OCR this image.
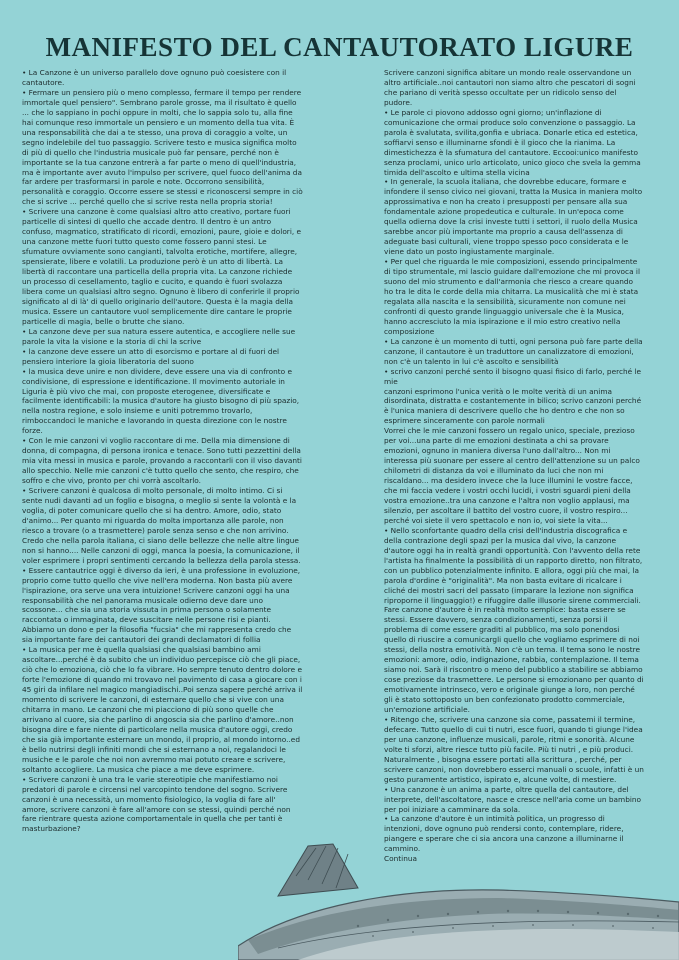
MANIFESTO DEL CANTAUTORATO LIGURE

• La Canzone è un universo parallelo dove ognuno può coesistere con il cantautore.

• Fermare un pensiero più o meno complesso, fermare il tempo per rendere immortale quel pensiero". Sembrano parole grosse, ma il risultato è quello ... che lo sappiano in pochi oppure in molti, che lo sappia solo tu, alla fine hai comunque reso immortale un pensiero e un momento della tua vita. È una responsabilità che dai a te stesso, una prova di coraggio a volte, un segno indelebile del tuo passaggio. Scrivere testo e musica significa molto di più di quello che l'industria musicale può far pensare, perché non è importante se la tua canzone entrerà a far parte o meno di quell'industria, ma è importante aver avuto l'impulso per scrivere, quel fuoco dell'anima da far ardere per trasformarsi in parole e note. Occorrono sensibilità, personalità e coraggio. Occorre essere se stessi e riconoscersi sempre in ciò che si scrive ... perché quello che si scrive resta nella propria storia!

• Scrivere una canzone è come qualsiasi altro atto creativo, portare fuori particelle di sintesi di quello che accade dentro. Il dentro è un antro confuso, magmatico, stratificato di ricordi, emozioni, paure, gioie e dolori, e una canzone mette fuori tutto questo come fossero panni stesi. Le sfumature ovviamente sono cangianti, talvolta erotiche, mortifere, allegre, spensierate, libere e volatili. La produzione però è un atto di libertà. La libertà di raccontare una particella della propria vita. La canzone richiede un processo di cesellamento, taglio e cucito, e quando è fuori svolazza libera come un qualsiasi altro segno. Ognuno è libero di conferirle il proprio significato al di là' di quello originario dell'autore. Questa è la magia della musica. Essere un cantautore vuol semplicemente dire cantare le proprie particelle di magia, belle o brutte che siano.

• La canzone deve per sua natura essere autentica, e accogliere nelle sue parole la vita la visione e la storia di chi la scrive

• la canzone deve essere un atto di esorcismo e portare al di fuori del pensiero interiore la gioia liberatoria del suono

• la musica deve unire e non dividere, deve essere una via di confronto e condivisione, di espressione e identificazione. Il movimento autoriale in Liguria è più vivo che mai, con proposte eterogenee, diversificate e facilmente identificabili: la musica d'autore ha giusto bisogno di più spazio, nella nostra regione, e solo insieme e uniti potremmo trovarlo, rimboccandoci le maniche e lavorando in questa direzione con le nostre forze.

• Con le mie canzoni vi voglio raccontare di me. Della mia dimensione di donna, di compagna, di persona ironica e tenace. Sono tutti pezzettini della mia vita messi in musica e parole, provando a raccontarli con il viso davanti allo specchio. Nelle mie canzoni c'è tutto quello che sento, che respiro, che soffro e che vivo, pronto per chi vorrà ascoltarlo.

• Scrivere canzoni è qualcosa di molto personale, di molto intimo. Ci si sente nudi davanti ad un foglio e bisogna, o meglio si sente la volontà e la voglia, di poter comunicare quello che si ha dentro. Amore, odio, stato d'animo... Per quanto mi riguarda do molta importanza alle parole, non riesco a trovare (o a trasmettere) parole senza senso e che non arrivino. Credo che nella parola italiana, ci siano delle bellezze che nelle altre lingue non si hanno.... Nelle canzoni di oggi, manca la poesia, la comunicazione, il voler esprimere i propri sentimenti cercando la bellezza della parola stessa.

• Essere cantautrice oggi è diverso da ieri, è una professione in evoluzione, proprio come tutto quello che vive nell'era moderna. Non basta più avere l'ispirazione, ora serve una vera intuizione! Scrivere canzoni oggi ha una responsabilità che nel panorama musicale odierno deve dare uno scossone... che sia una storia vissuta in prima persona o solamente raccontata o immaginata, deve suscitare nelle persone risi e pianti. Abbiamo un dono e per la filosofia "fucsia" che mi rappresenta credo che sia importante fare dei cantautori dei grandi declamatori di follia

• La musica per me è quella qualsiasi che qualsiasi bambino ami ascoltare...perché è da subito che un individuo percepisce ciò che gli piace, ciò che lo emoziona, ciò che lo fa vibrare. Ho sempre tenuto dentro dolore e forte l'emozione di quando mi trovavo nel pavimento di casa a giocare con i 45 giri da infilare nel magico mangiadischi..Poi senza sapere perché arriva il momento di scrivere le canzoni, di esternare quello che si vive con una chitarra in mano. Le canzoni che mi piacciono di più sono quelle che arrivano al cuore, sia che parlino di angoscia sia che parlino d'amore..non bisogna dire e fare niente di particolare nella musica d'autore oggi, credo che sia già importante esternare un mondo, il proprio, al mondo intorno..ed è bello nutrirsi degli infiniti mondi che si esternano a noi, regalandoci le musiche e le parole che noi non avremmo mai potuto creare e scrivere, soltanto accogliere. La musica che piace a me deve esprimere.

• Scrivere canzoni è una tra le varie stereotipie che manifestiamo noi predatori di parole e circensi nel varcopinto tendone del sogno. Scrivere canzoni è una necessità, un momento fisiologico, la voglia di fare all' amore, scrivere canzoni è fare all'amore con se stessi, quindi perché non fare rientrare questa azione comportamentale in quella che per tanti è masturbazione?

Scrivere canzoni significa abitare un mondo reale osservandone un altro artificiale..noi cantautori non siamo altro che pescatori di sogni che pariano di verità spesso occultate per un ridicolo senso del pudore.

• Le parole ci piovono addosso ogni giorno; un'inflazione di comunicazione che ormai produce solo convenzione o passaggio. La parola è svalutata, svilita,gonfia e ubriaca. Donarle etica ed estetica, soffiarvi senso e illuminarne sfondi è il gioco che la rianima. La dimestichezza è la sfumatura del cantautore. Eccooi:unico manifesto senza proclami, unico urlo articolato, unico gioco che svela la gemma timida dell'ascolto e ultima stella vicina

• In generale, la scuola italiana, che dovrebbe educare, formare e infondere il senso civico nei giovani, tratta la Musica in maniera molto approssimativa e non ha creato i presupposti per pensare alla sua fondamentale azione propedeutica e culturale. In un'epoca come quella odierna dove la crisi investe tutti i settori, il ruolo della Musica sarebbe ancor più importante ma proprio a causa dell'assenza di adeguate basi culturali, viene troppo spesso poco considerata e le viene dato un posto ingiustamente marginale.

• Per quel che riguarda le mie composizioni, essendo principalmente di tipo strumentale, mi lascio guidare dall'emozione che mi provoca il suono del mio strumento e dall'armonia che riesco a creare quando ho tra le dita le corde della mia chitarra. La musicalità che mi è stata regalata alla nascita e la sensibilità, sicuramente non comune nei confronti di questo grande linguaggio universale che è la Musica, hanno accresciuto la mia ispirazione e il mio estro creativo nella composizione

• La canzone è un momento di tutti, ogni persona può fare parte della canzone, il cantautore è un traduttore un canalizzatore di emozioni, non c'è un talento in lui c'è ascolto e sensibilità

• scrivo canzoni perché sento il bisogno quasi fisico di farlo, perché le mie

canzoni esprimono l'unica verità o le molte verità di un anima disordinata, distratta e costantemente in bilico; scrivo canzoni perché è l'unica maniera di descrivere quello che ho dentro e che non so esprimere sinceramente con parole normali

Vorrei che le mie canzoni fossero un regalo unico, speciale, prezioso per voi...una parte di me emozioni destinata a chi sa provare emozioni, ognuno in maniera diversa l'uno dall'altro... Non mi interessa più suonare per essere al centro dell'attenzione su un palco chilometri di distanza da voi e illuminato da luci che non mi riscaldano... ma desidero invece che la luce illumini le vostre facce, che mi faccia vedere i vostri occhi lucidi, i vostri sguardi pieni della vostra emozione..tra una canzone e l'altra non voglio applausi, ma silenzio, per ascoltare il battito del vostro cuore, il vostro respiro... perché voi siete il vero spettacolo e non io, voi siete la vita...

• Nello sconfortante quadro della crisi dell'industria discografica e della contrazione degli spazi per la musica dal vivo, la canzone d'autore oggi ha in realtà grandi opportunità. Con l'avvento della rete l'artista ha finalmente la possibilità di un rapporto diretto, non filtrato, con un pubblico potenzialmente infinito. E allora, oggi più che mai, la parola d'ordine è "originalità". Ma non basta evitare di ricalcare i cliché dei mostri sacri del passato (imparare la lezione non significa riproporne il linguaggio!) e rifuggire dalle illusorie sirene commerciali. Fare canzone d'autore è in realtà molto semplice: basta essere se stessi. Essere davvero, senza condizionamenti, senza porsi il problema di come essere graditi al pubblico, ma solo ponendosi quello di riuscire a comunicargli quello che vogliamo esprimere di noi stessi, della nostra emotività. Non c'è un tema. Il tema sono le nostre emozioni: amore, odio, indignazione, rabbia, contemplazione. Il tema siamo noi. Sarà il riscontro o meno del pubblico a stabilire se abbiamo cose preziose da trasmettere. Le persone si emozionano per quanto di emotivamente intrinseco, vero e originale giunge a loro, non perché gli è stato sottoposto un ben confezionato prodotto commerciale, un'emozione artificiale.

• Ritengo che, scrivere una canzone sia come, passatemi il termine, defecare. Tutto quello di cui ti nutri, esce fuori, quando ti giunge l'idea per una canzone, influenze musicali, parole, ritmi e sonorità. Alcune volte ti sforzi, altre riesce tutto più facile. Più ti nutri , e più produci. Naturalmente , bisogna essere portati alla scrittura , perché, per scrivere canzoni, non dovrebbero esserci manuali o scuole, infatti è un gesto puramente artistico, ispirato e, alcune volte, di mestiere.

• Una canzone è un anima a parte, oltre quella del cantautore, del interprete, dell'ascoltatore, nasce e cresce nell'aria come un bambino per poi iniziare a camminare da sola.

• La canzone d'autore è un intimità politica, un progresso di intenzioni, dove ognuno può rendersi conto, contemplare, ridere, piangere e sperare che ci sia ancora una canzone a illuminarne il cammino.

Continua
